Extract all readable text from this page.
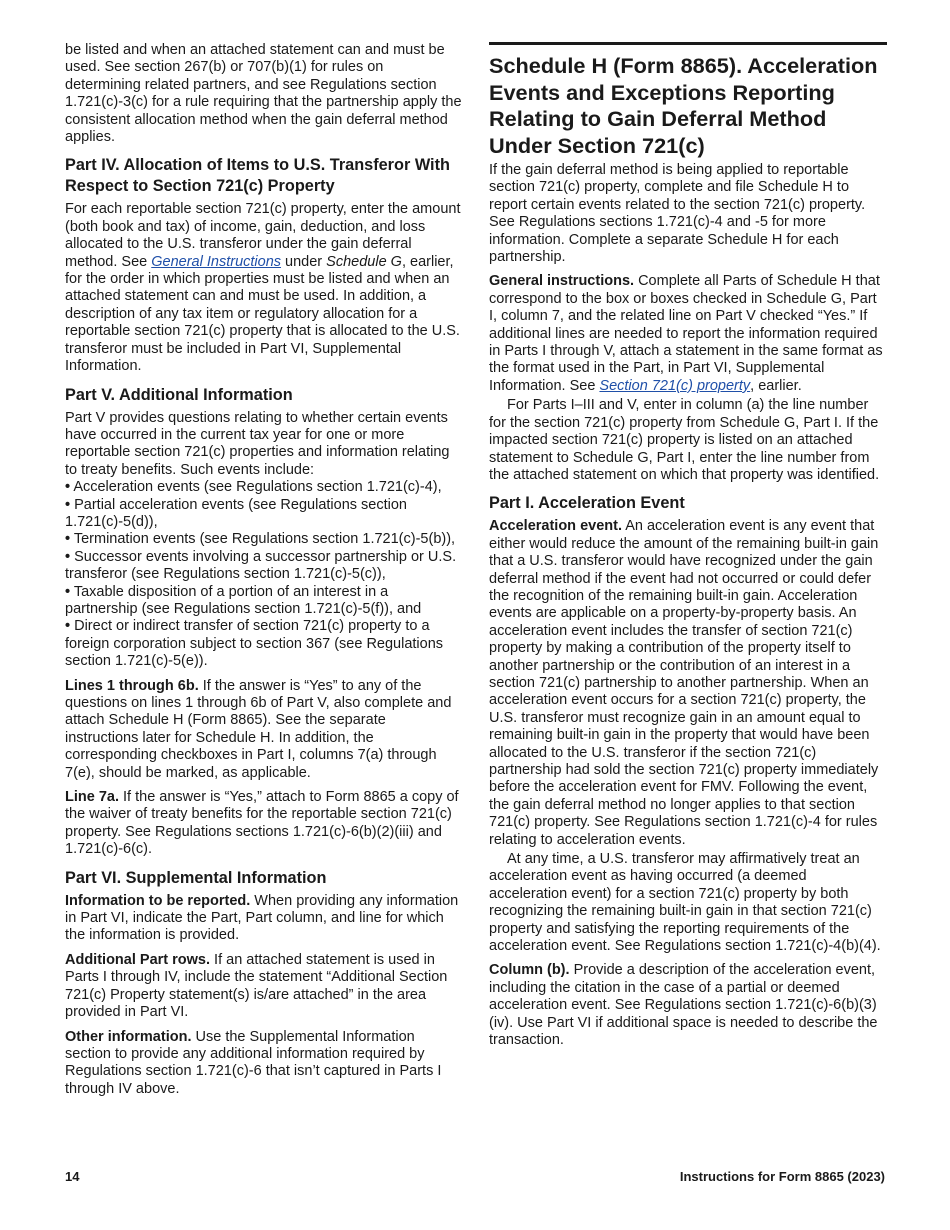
be listed and when an attached statement can and must be used. See section 267(b) or 707(b)(1) for rules on determining related partners, and see Regulations section 1.721(c)-3(c) for a rule requiring that the partnership apply the consistent allocation method when the gain deferral method applies.

Part IV. Allocation of Items to U.S. Transferor With Respect to Section 721(c) Property

For each reportable section 721(c) property, enter the amount (both book and tax) of income, gain, deduction, and loss allocated to the U.S. transferor under the gain deferral method. See General Instructions under Schedule G, earlier, for the order in which properties must be listed and when an attached statement can and must be used. In addition, a description of any tax item or regulatory allocation for a reportable section 721(c) property that is allocated to the U.S. transferor must be included in Part VI, Supplemental Information.

Part V. Additional Information

Part V provides questions relating to whether certain events have occurred in the current tax year for one or more reportable section 721(c) properties and information relating to treaty benefits. Such events include:

• Acceleration events (see Regulations section 1.721(c)-4),
• Partial acceleration events (see Regulations section 1.721(c)-5(d)),
• Termination events (see Regulations section 1.721(c)-5(b)),
• Successor events involving a successor partnership or U.S. transferor (see Regulations section 1.721(c)-5(c)),
• Taxable disposition of a portion of an interest in a partnership (see Regulations section 1.721(c)-5(f)), and
• Direct or indirect transfer of section 721(c) property to a foreign corporation subject to section 367 (see Regulations section 1.721(c)-5(e)).

Lines 1 through 6b. If the answer is “Yes” to any of the questions on lines 1 through 6b of Part V, also complete and attach Schedule H (Form 8865). See the separate instructions later for Schedule H. In addition, the corresponding checkboxes in Part I, columns 7(a) through 7(e), should be marked, as applicable.

Line 7a. If the answer is “Yes,” attach to Form 8865 a copy of the waiver of treaty benefits for the reportable section 721(c) property. See Regulations sections 1.721(c)-6(b)(2)(iii) and 1.721(c)-6(c).

Part VI. Supplemental Information

Information to be reported. When providing any information in Part VI, indicate the Part, Part column, and line for which the information is provided.

Additional Part rows. If an attached statement is used in Parts I through IV, include the statement “Additional Section 721(c) Property statement(s) is/are attached” in the area provided in Part VI.

Other information. Use the Supplemental Information section to provide any additional information required by Regulations section 1.721(c)-6 that isn’t captured in Parts I through IV above.

Schedule H (Form 8865). Acceleration Events and Exceptions Reporting Relating to Gain Deferral Method Under Section 721(c)

If the gain deferral method is being applied to reportable section 721(c) property, complete and file Schedule H to report certain events related to the section 721(c) property. See Regulations sections 1.721(c)-4 and -5 for more information. Complete a separate Schedule H for each partnership.

General instructions. Complete all Parts of Schedule H that correspond to the box or boxes checked in Schedule G, Part I, column 7, and the related line on Part V checked “Yes.” If additional lines are needed to report the information required in Parts I through V, attach a statement in the same format as the format used in the Part, in Part VI, Supplemental Information. See Section 721(c) property, earlier.

For Parts I–III and V, enter in column (a) the line number for the section 721(c) property from Schedule G, Part I. If the impacted section 721(c) property is listed on an attached statement to Schedule G, Part I, enter the line number from the attached statement on which that property was identified.

Part I. Acceleration Event

Acceleration event. An acceleration event is any event that either would reduce the amount of the remaining built-in gain that a U.S. transferor would have recognized under the gain deferral method if the event had not occurred or could defer the recognition of the remaining built-in gain. Acceleration events are applicable on a property-by-property basis. An acceleration event includes the transfer of section 721(c) property by making a contribution of the property itself to another partnership or the contribution of an interest in a section 721(c) partnership to another partnership. When an acceleration event occurs for a section 721(c) property, the U.S. transferor must recognize gain in an amount equal to remaining built-in gain in the property that would have been allocated to the U.S. transferor if the section 721(c) partnership had sold the section 721(c) property immediately before the acceleration event for FMV. Following the event, the gain deferral method no longer applies to that section 721(c) property. See Regulations section 1.721(c)-4 for rules relating to acceleration events.

At any time, a U.S. transferor may affirmatively treat an acceleration event as having occurred (a deemed acceleration event) for a section 721(c) property by both recognizing the remaining built-in gain in that section 721(c) property and satisfying the reporting requirements of the acceleration event. See Regulations section 1.721(c)-4(b)(4).

Column (b). Provide a description of the acceleration event, including the citation in the case of a partial or deemed acceleration event. See Regulations section 1.721(c)-6(b)(3)(iv). Use Part VI if additional space is needed to describe the transaction.

14	Instructions for Form 8865 (2023)
